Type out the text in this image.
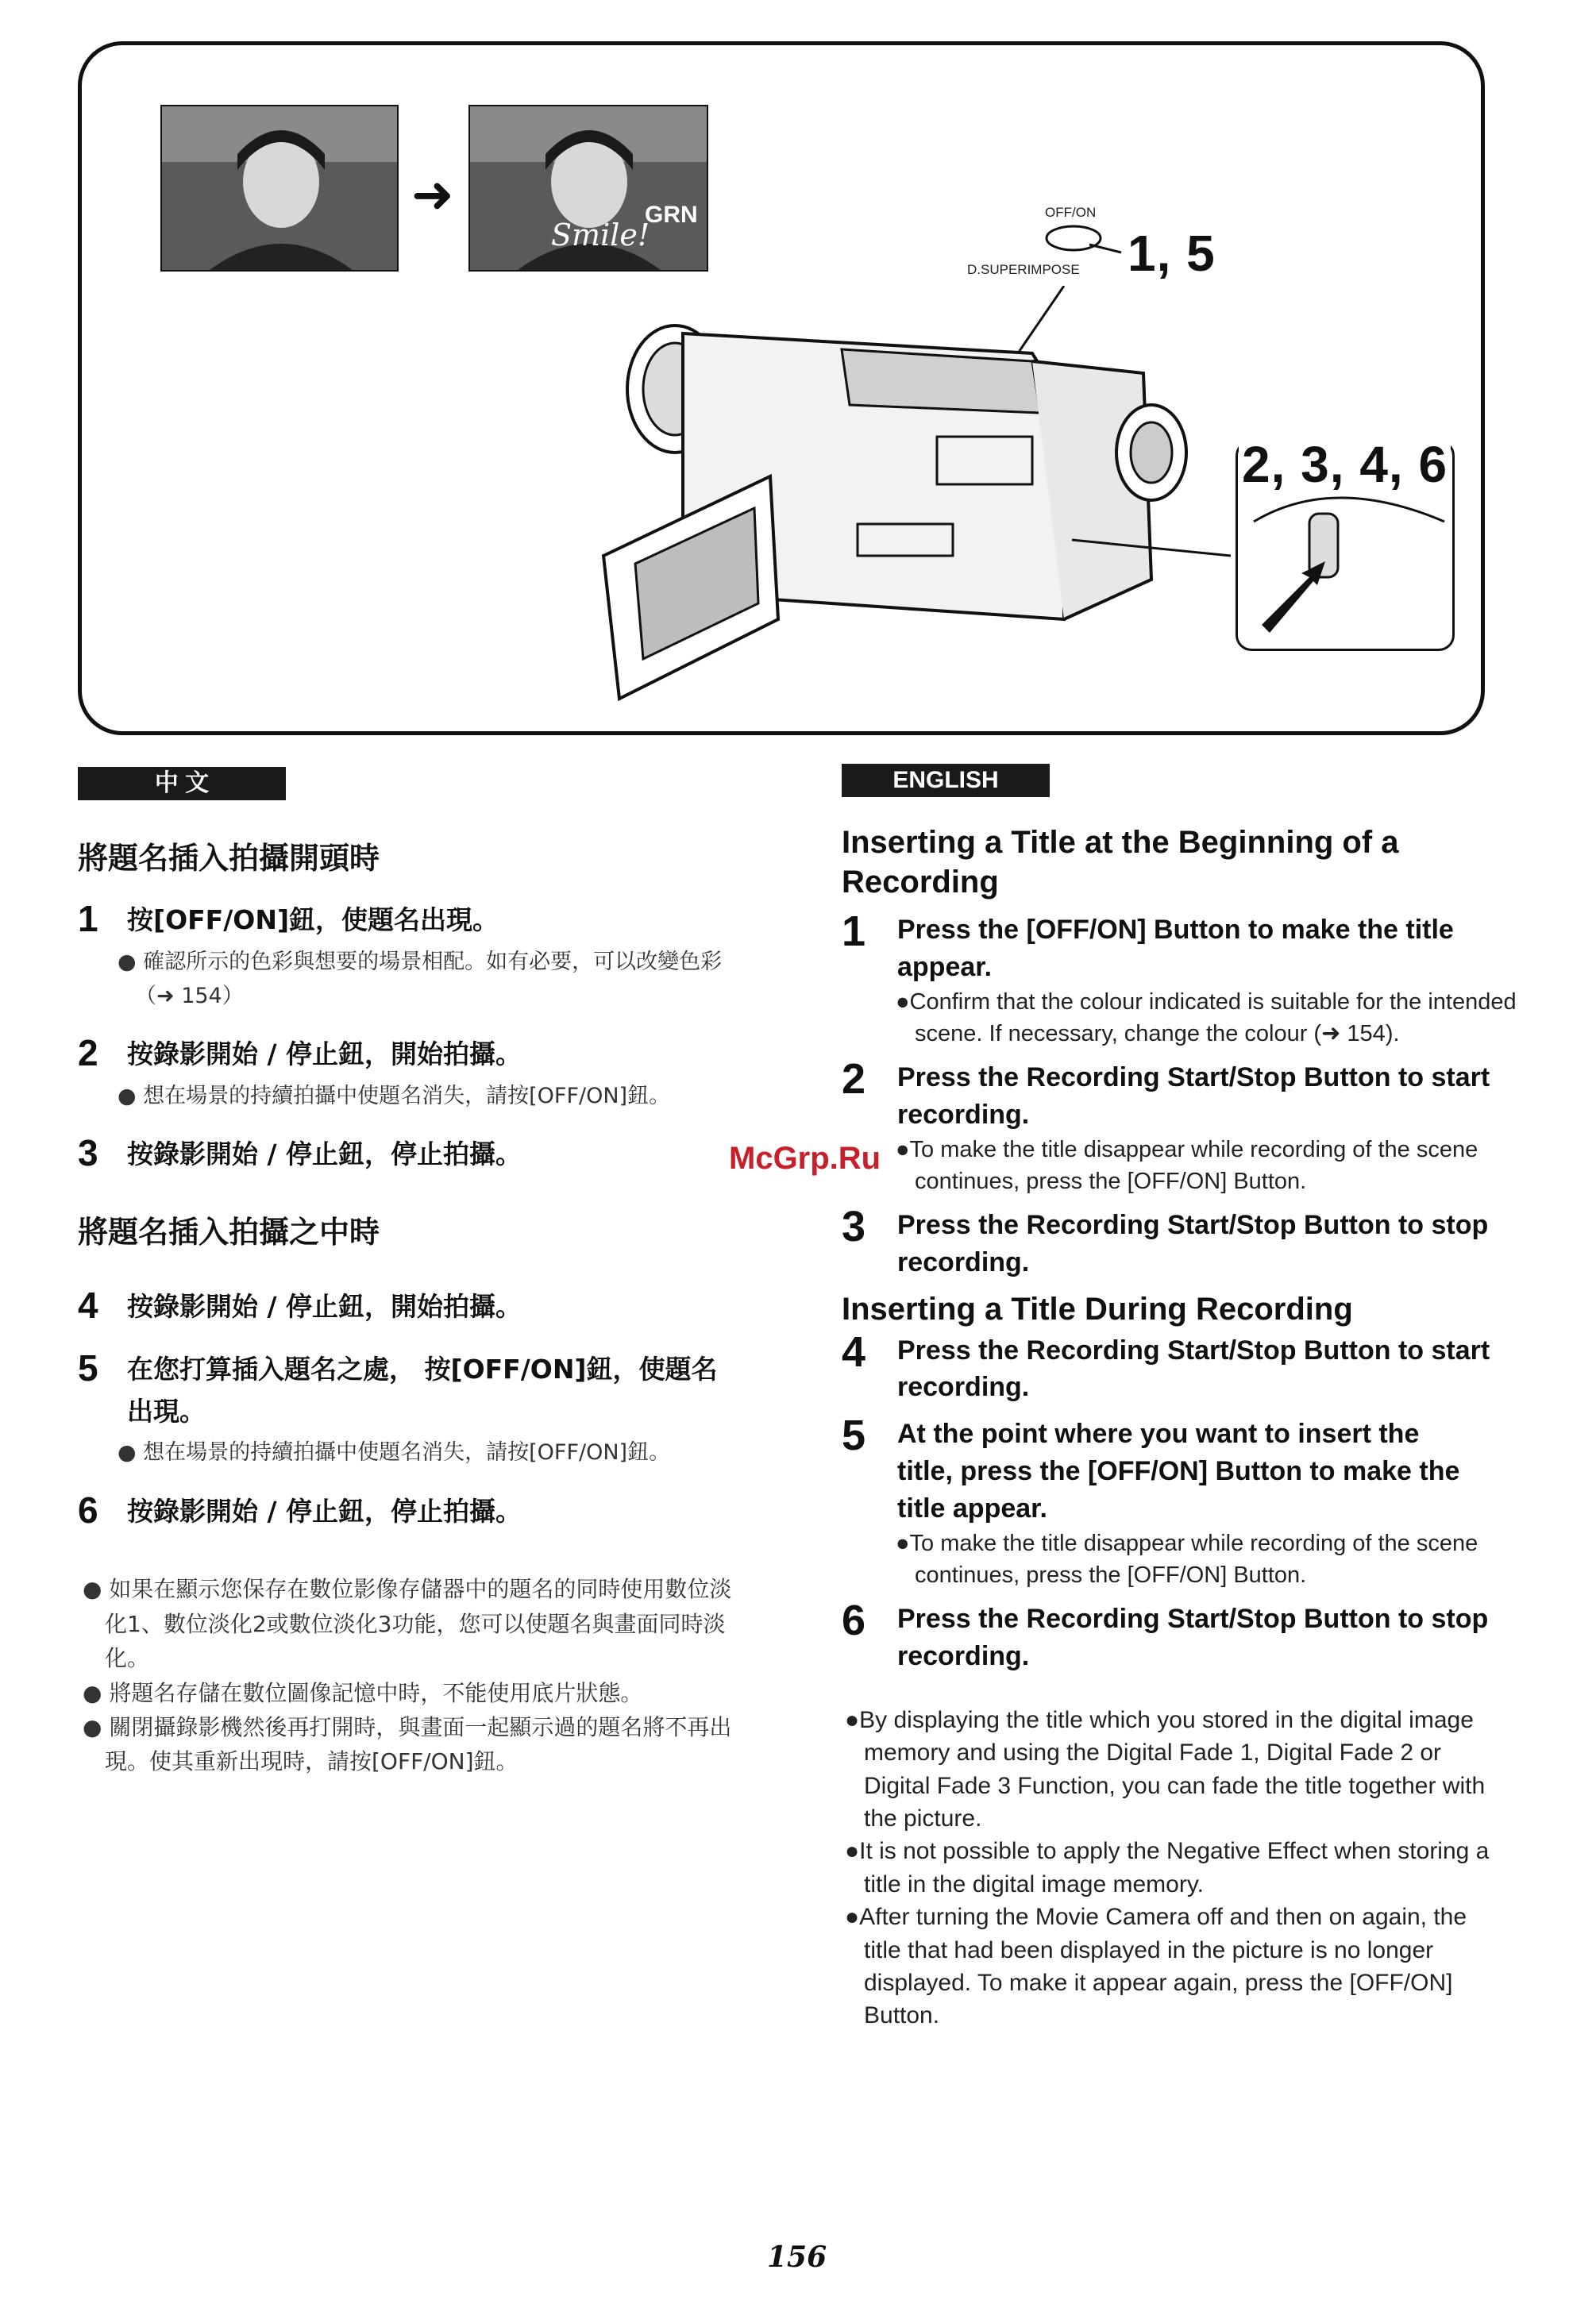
➜
Smile!
GRN	OFF/ON
D.SUPERIMPOSE 1, 5
2, 3, 4, 6
中 文
將題名插入拍攝開頭時
1	按[OFF/ON]鈕，使題名出現。
● 確認所示的色彩與想要的場景相配。如有必要，可以改變色彩（➜ 154）
2	按錄影開始 / 停止鈕，開始拍攝。
● 想在場景的持續拍攝中使題名消失，請按[OFF/ON]鈕。
3	按錄影開始 / 停止鈕，停止拍攝。
將題名插入拍攝之中時
4	按錄影開始 / 停止鈕，開始拍攝。
5	在您打算插入題名之處， 按[OFF/ON]鈕，使題名出現。
● 想在場景的持續拍攝中使題名消失，請按[OFF/ON]鈕。
6	按錄影開始 / 停止鈕，停止拍攝。
● 如果在顯示您保存在數位影像存儲器中的題名的同時使用數位淡化1、數位淡化2或數位淡化3功能，您可以使題名與畫面同時淡化。
● 將題名存儲在數位圖像記憶中時，不能使用底片狀態。
● 關閉攝錄影機然後再打開時，與畫面一起顯示過的題名將不再出現。使其重新出現時，請按[OFF/ON]鈕。
McGrp.Ru
ENGLISH
Inserting a Title at the Beginning of a Recording
1	Press the [OFF/ON] Button to make the title appear.
●Confirm that the colour indicated is suitable for the intended scene. If necessary, change the colour (➜ 154).
2	Press the Recording Start/Stop Button to start recording.
●To make the title disappear while recording of the scene continues, press the [OFF/ON] Button.
3	Press the Recording Start/Stop Button to stop recording.
Inserting a Title During Recording
4	Press the Recording Start/Stop Button to start recording.
5	At the point where you want to insert the title, press the [OFF/ON] Button to make the title appear.
●To make the title disappear while recording of the scene continues, press the [OFF/ON] Button.
6	Press the Recording Start/Stop Button to stop recording.
●By displaying the title which you stored in the digital image memory and using the Digital Fade 1, Digital Fade 2 or Digital Fade 3 Function, you can fade the title together with the picture.
●It is not possible to apply the Negative Effect when storing a title in the digital image memory.
●After turning the Movie Camera off and then on again, the title that had been displayed in the picture is no longer displayed. To make it appear again, press the [OFF/ON] Button.
156
